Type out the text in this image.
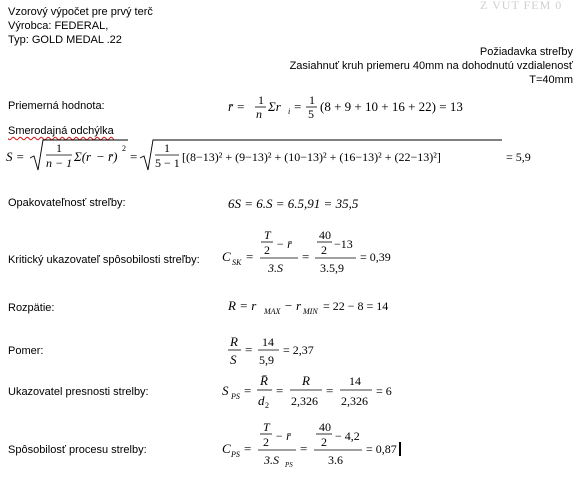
Z VUT FEM 0
Vzorový výpočet pre prvý terč
Výrobca: FEDERAL,
Typ: GOLD MEDAL .22
Požiadavka streľby
Zasiahnuť kruh priemeru 40mm na dohodnutú vzdialenosť
T=40mm
Priemerná hodnota:	r̄ = 1
n Σr i = 1
5 (8 + 9 + 10 + 16 + 22) = 13
Smerodajná odchýlka
S =
1
n − 1 Σ(r − r̄)
2
=
1
5 − 1 [(8−13)² + (9−13)² + (10−13)² + (16−13)² + (22−13)²]	= 5,9
Opakovateľnosť streľby:	6S = 6.S = 6.5,91 = 35,5
Kritický ukazovateľ spôsobilosti streľby: C SK =
T
2 − r̄
3.S
=
40
2 −13
3.5,9
= 0,39
Rozpätie:	R = r MAX − r MIN = 22 − 8 = 14
Pomer:
R
S
= 14
5,9
= 2,37
Ukazovatel presnosti strelby:	S PS =
R̄
d 2
=
R
2,326
=
14
2,326
= 6
Spôsobilosť procesu strelby:	C PS =
T
2 − r̄
3.S PS
=
40
2 − 4,2
3.6
= 0,87
